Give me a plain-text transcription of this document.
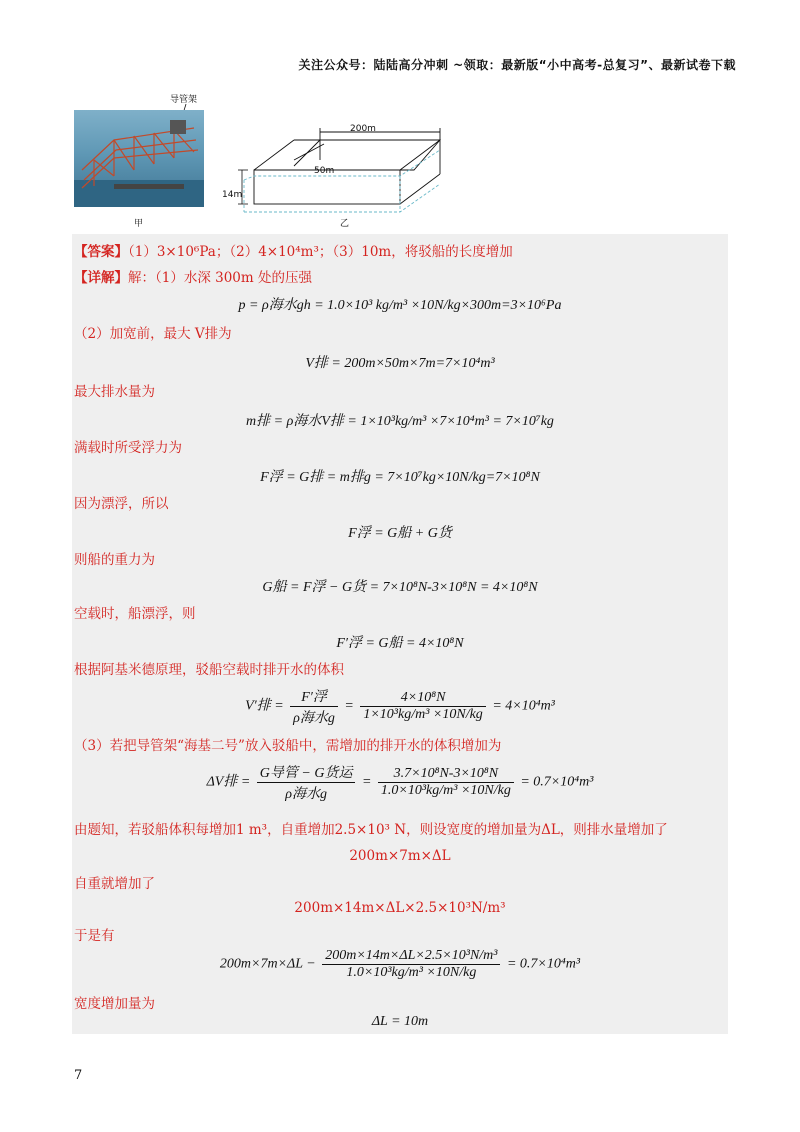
关注公众号：陆陆高分冲刺 ~领取：最新版“小中高考-总复习”、最新试卷下载
导管架
甲
200m
50m
14m
乙
【答案】（1）3×10⁶Pa；（2）4×10⁴m³；（3）10m，将驳船的长度增加
【详解】解：（1）水深 300m 处的压强
p = ρ海水gh = 1.0×10³ kg/m³ ×10N/kg×300m=3×10⁶Pa
（2）加宽前，最大 V排为
V排 = 200m×50m×7m=7×10⁴m³
最大排水量为
m排 = ρ海水V排 = 1×10³kg/m³ ×7×10⁴m³ = 7×10⁷kg
满载时所受浮力为
F浮 = G排 = m排g = 7×10⁷kg×10N/kg=7×10⁸N
因为漂浮，所以
F浮 = G船 + G货
则船的重力为
G船 = F浮 − G货 = 7×10⁸N-3×10⁸N = 4×10⁸N
空载时，船漂浮，则
F′浮 = G船 = 4×10⁸N
根据阿基米德原理，驳船空载时排开水的体积
V′排 = $\frac{\text{F′浮}}{\text{ρ海水g}} = \frac{\text{4×10⁸N}}{\text{1×10³kg/m³ ×10N/kg}} = 4\times 10^4m^3$
（3）若把导管架“海基二号”放入驳船中，需增加的排开水的体积增加为
ΔV排 = $\frac{\text{G导管 − G货运}}{\text{ρ海水g}} = \frac{\text{3.7×10⁸N-3×10⁸N}}{\text{1.0×10³kg/m³ ×10N/kg}} = 0.7\times 10^4m^3$
由题知，若驳船体积每增加1 m³，自重增加2.5×10³ N，则设宽度的增加量为ΔL，则排水量增加了
200m×7m×ΔL
自重就增加了
200m×14m×ΔL×2.5×10³N/m³
于是有
$200m\times 7m\times\Delta L - \frac{\text{200m×14m×ΔL×2.5×10³N/m³}}{\text{1.0×10³kg/m³ ×10N/kg}} = 0.7\times 10^4m^3$
宽度增加量为
ΔL = 10m
7
